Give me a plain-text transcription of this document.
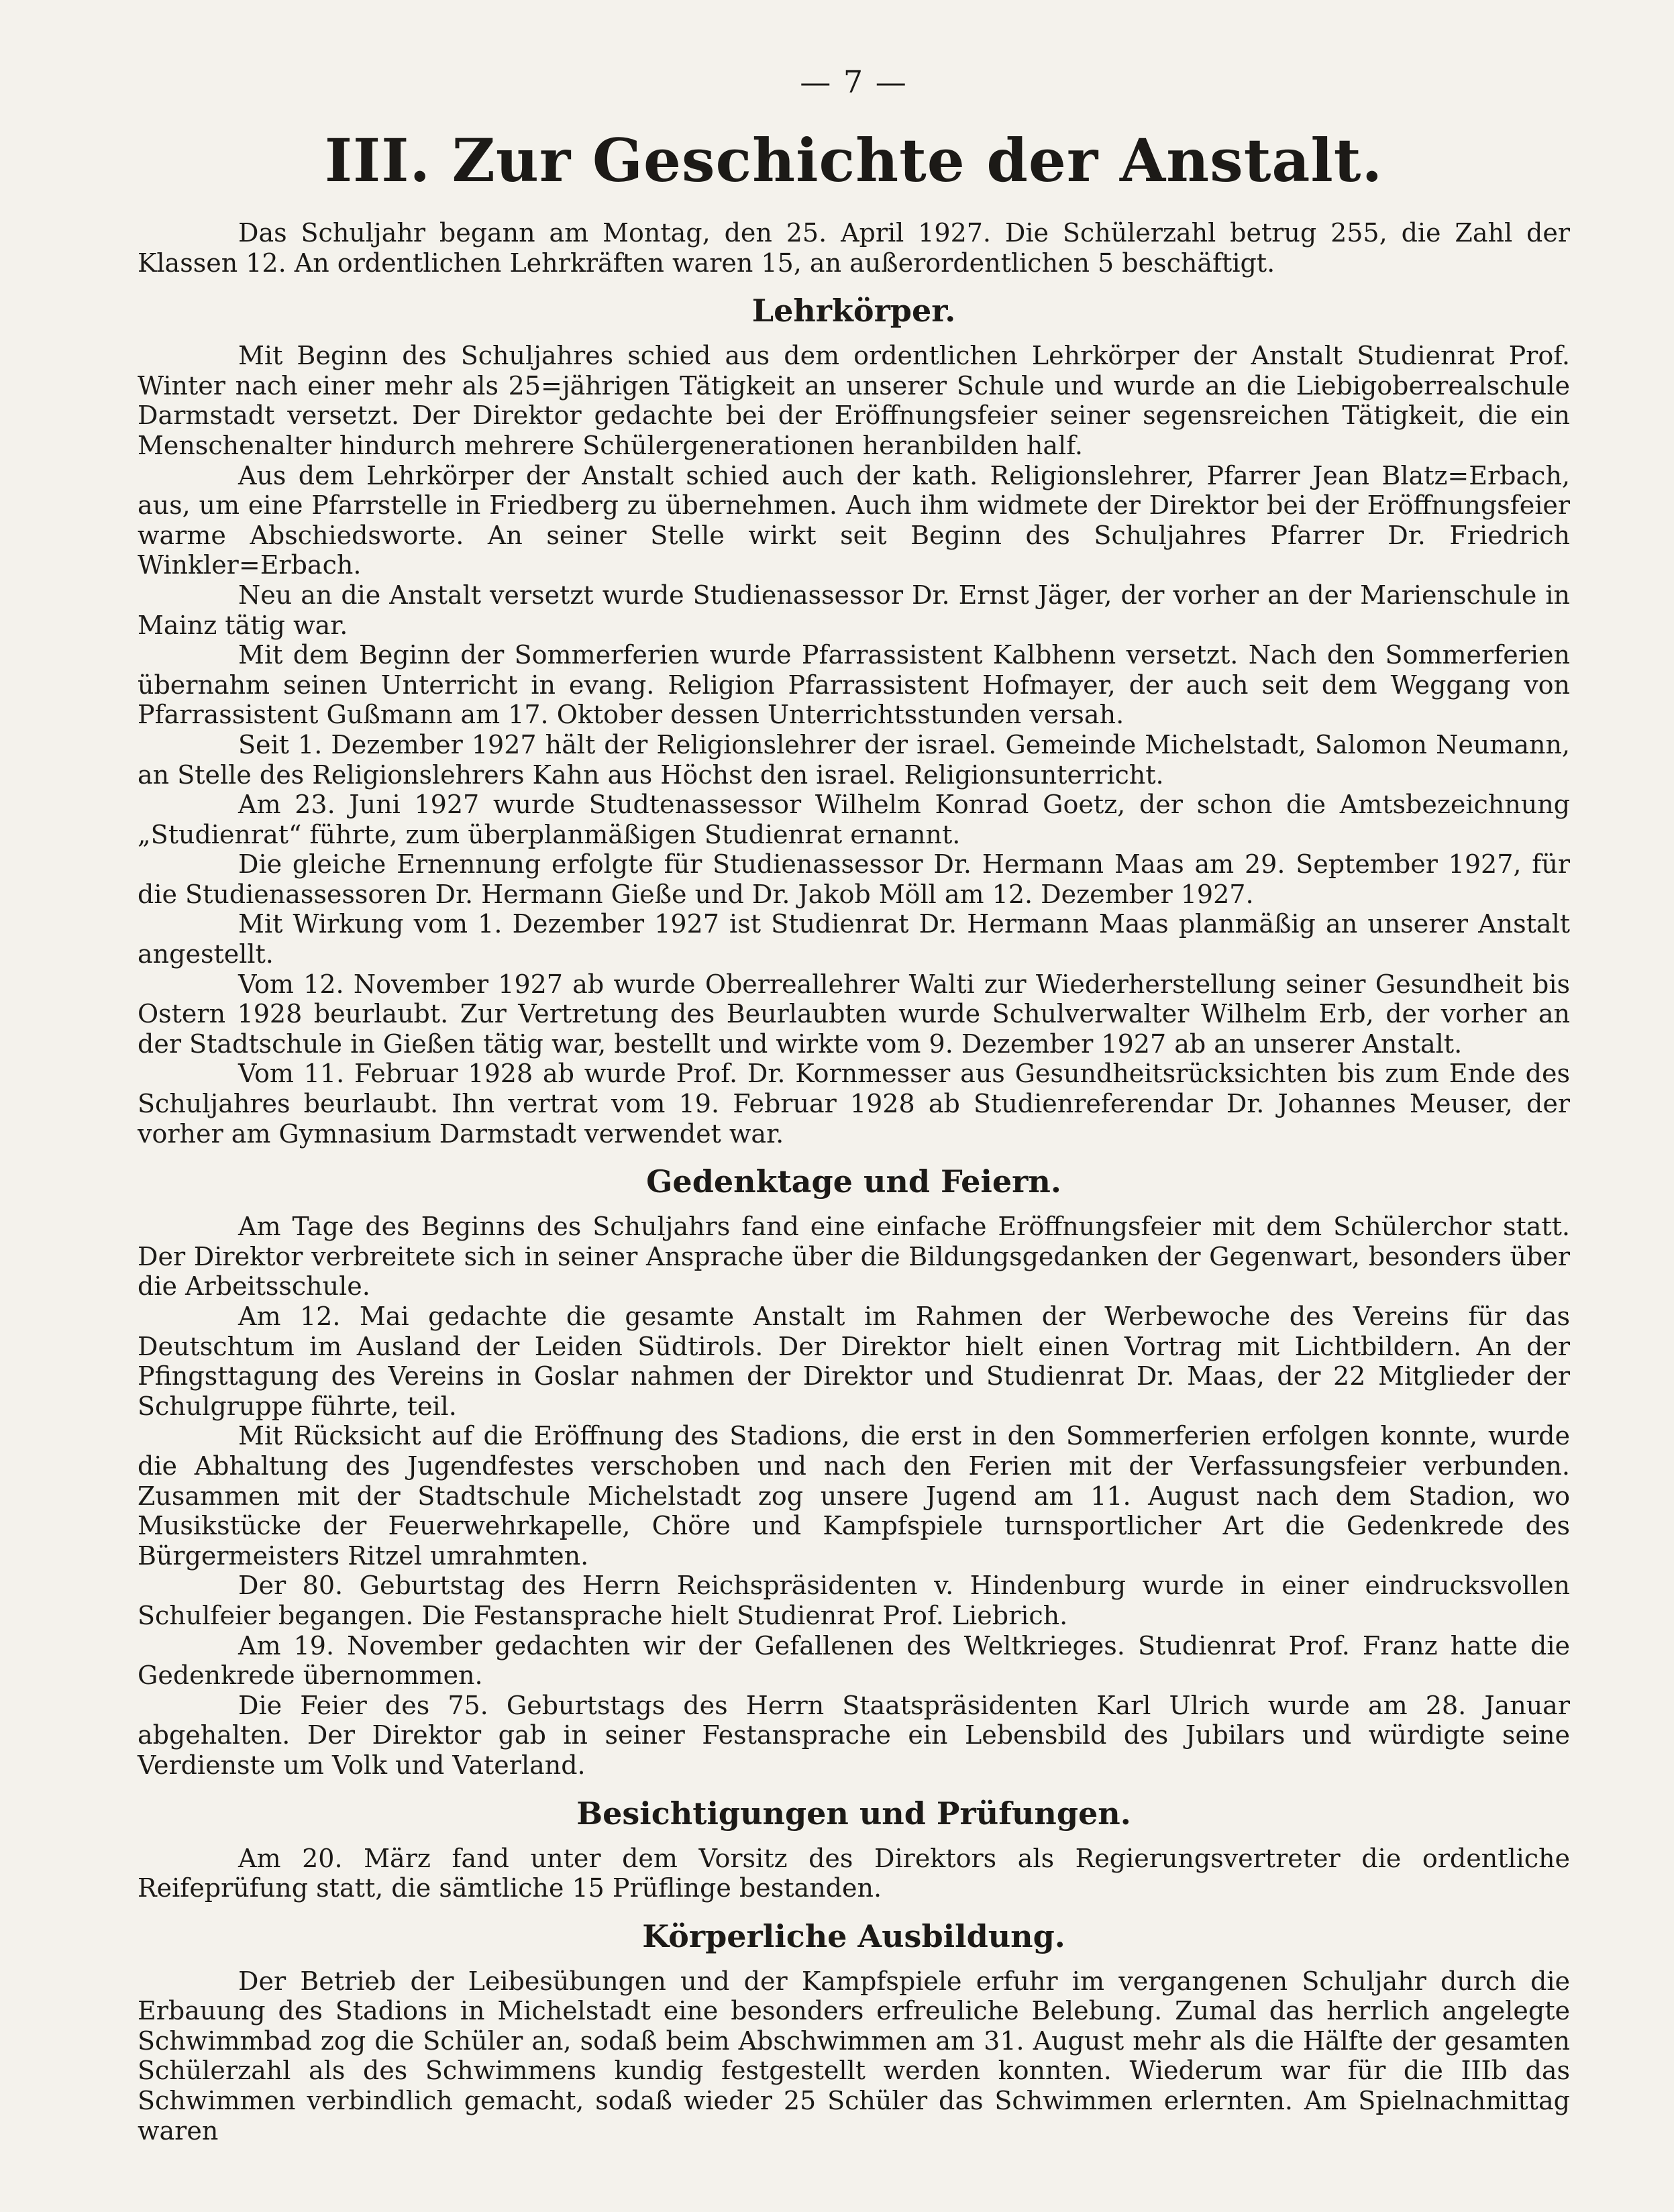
— 7 —
III. Zur Geschichte der Anstalt.

Das Schuljahr begann am Montag, den 25. April 1927. Die Schülerzahl betrug 255, die Zahl der Klassen 12. An ordentlichen Lehrkräften waren 15, an außerordentlichen 5 beschäftigt.

Lehrkörper.

Mit Beginn des Schuljahres schied aus dem ordentlichen Lehrkörper der Anstalt Studienrat Prof. Winter nach einer mehr als 25=jährigen Tätigkeit an unserer Schule und wurde an die Liebigoberrealschule Darmstadt versetzt. Der Direktor gedachte bei der Eröffnungsfeier seiner segensreichen Tätigkeit, die ein Menschenalter hindurch mehrere Schülergenerationen heranbilden half.

Aus dem Lehrkörper der Anstalt schied auch der kath. Religionslehrer, Pfarrer Jean Blatz=Erbach, aus, um eine Pfarrstelle in Friedberg zu übernehmen. Auch ihm widmete der Direktor bei der Eröffnungsfeier warme Abschiedsworte. An seiner Stelle wirkt seit Beginn des Schuljahres Pfarrer Dr. Friedrich Winkler=Erbach.

Neu an die Anstalt versetzt wurde Studienassessor Dr. Ernst Jäger, der vorher an der Marienschule in Mainz tätig war.

Mit dem Beginn der Sommerferien wurde Pfarrassistent Kalbhenn versetzt. Nach den Sommerferien übernahm seinen Unterricht in evang. Religion Pfarrassistent Hofmayer, der auch seit dem Weggang von Pfarrassistent Gußmann am 17. Oktober dessen Unterrichtsstunden versah.

Seit 1. Dezember 1927 hält der Religionslehrer der israel. Gemeinde Michelstadt, Salomon Neumann, an Stelle des Religionslehrers Kahn aus Höchst den israel. Religionsunterricht.

Am 23. Juni 1927 wurde Studtenassessor Wilhelm Konrad Goetz, der schon die Amtsbezeichnung „Studienrat“ führte, zum überplanmäßigen Studienrat ernannt.

Die gleiche Ernennung erfolgte für Studienassessor Dr. Hermann Maas am 29. September 1927, für die Studienassessoren Dr. Hermann Gieße und Dr. Jakob Möll am 12. Dezember 1927.

Mit Wirkung vom 1. Dezember 1927 ist Studienrat Dr. Hermann Maas planmäßig an unserer Anstalt angestellt.

Vom 12. November 1927 ab wurde Oberreallehrer Walti zur Wiederherstellung seiner Gesundheit bis Ostern 1928 beurlaubt. Zur Vertretung des Beurlaubten wurde Schulverwalter Wilhelm Erb, der vorher an der Stadtschule in Gießen tätig war, bestellt und wirkte vom 9. Dezember 1927 ab an unserer Anstalt.

Vom 11. Februar 1928 ab wurde Prof. Dr. Kornmesser aus Gesundheitsrücksichten bis zum Ende des Schuljahres beurlaubt. Ihn vertrat vom 19. Februar 1928 ab Studienreferendar Dr. Johannes Meuser, der vorher am Gymnasium Darmstadt verwendet war.

Gedenktage und Feiern.

Am Tage des Beginns des Schuljahrs fand eine einfache Eröffnungsfeier mit dem Schülerchor statt. Der Direktor verbreitete sich in seiner Ansprache über die Bildungsgedanken der Gegenwart, besonders über die Arbeitsschule.

Am 12. Mai gedachte die gesamte Anstalt im Rahmen der Werbewoche des Vereins für das Deutschtum im Ausland der Leiden Südtirols. Der Direktor hielt einen Vortrag mit Lichtbildern. An der Pfingsttagung des Vereins in Goslar nahmen der Direktor und Studienrat Dr. Maas, der 22 Mitglieder der Schulgruppe führte, teil.

Mit Rücksicht auf die Eröffnung des Stadions, die erst in den Sommerferien erfolgen konnte, wurde die Abhaltung des Jugendfestes verschoben und nach den Ferien mit der Verfassungsfeier verbunden. Zusammen mit der Stadtschule Michelstadt zog unsere Jugend am 11. August nach dem Stadion, wo Musikstücke der Feuerwehrkapelle, Chöre und Kampfspiele turnsportlicher Art die Gedenkrede des Bürgermeisters Ritzel umrahmten.

Der 80. Geburtstag des Herrn Reichspräsidenten v. Hindenburg wurde in einer eindrucksvollen Schulfeier begangen. Die Festansprache hielt Studienrat Prof. Liebrich.

Am 19. November gedachten wir der Gefallenen des Weltkrieges. Studienrat Prof. Franz hatte die Gedenkrede übernommen.

Die Feier des 75. Geburtstags des Herrn Staatspräsidenten Karl Ulrich wurde am 28. Januar abgehalten. Der Direktor gab in seiner Festansprache ein Lebensbild des Jubilars und würdigte seine Verdienste um Volk und Vaterland.

Besichtigungen und Prüfungen.

Am 20. März fand unter dem Vorsitz des Direktors als Regierungsvertreter die ordentliche Reifeprüfung statt, die sämtliche 15 Prüflinge bestanden.

Körperliche Ausbildung.

Der Betrieb der Leibesübungen und der Kampfspiele erfuhr im vergangenen Schuljahr durch die Erbauung des Stadions in Michelstadt eine besonders erfreuliche Belebung. Zumal das herrlich angelegte Schwimmbad zog die Schüler an, sodaß beim Abschwimmen am 31. August mehr als die Hälfte der gesamten Schülerzahl als des Schwimmens kundig festgestellt werden konnten. Wiederum war für die IIIb das Schwimmen verbindlich gemacht, sodaß wieder 25 Schüler das Schwimmen erlernten. Am Spielnachmittag waren
